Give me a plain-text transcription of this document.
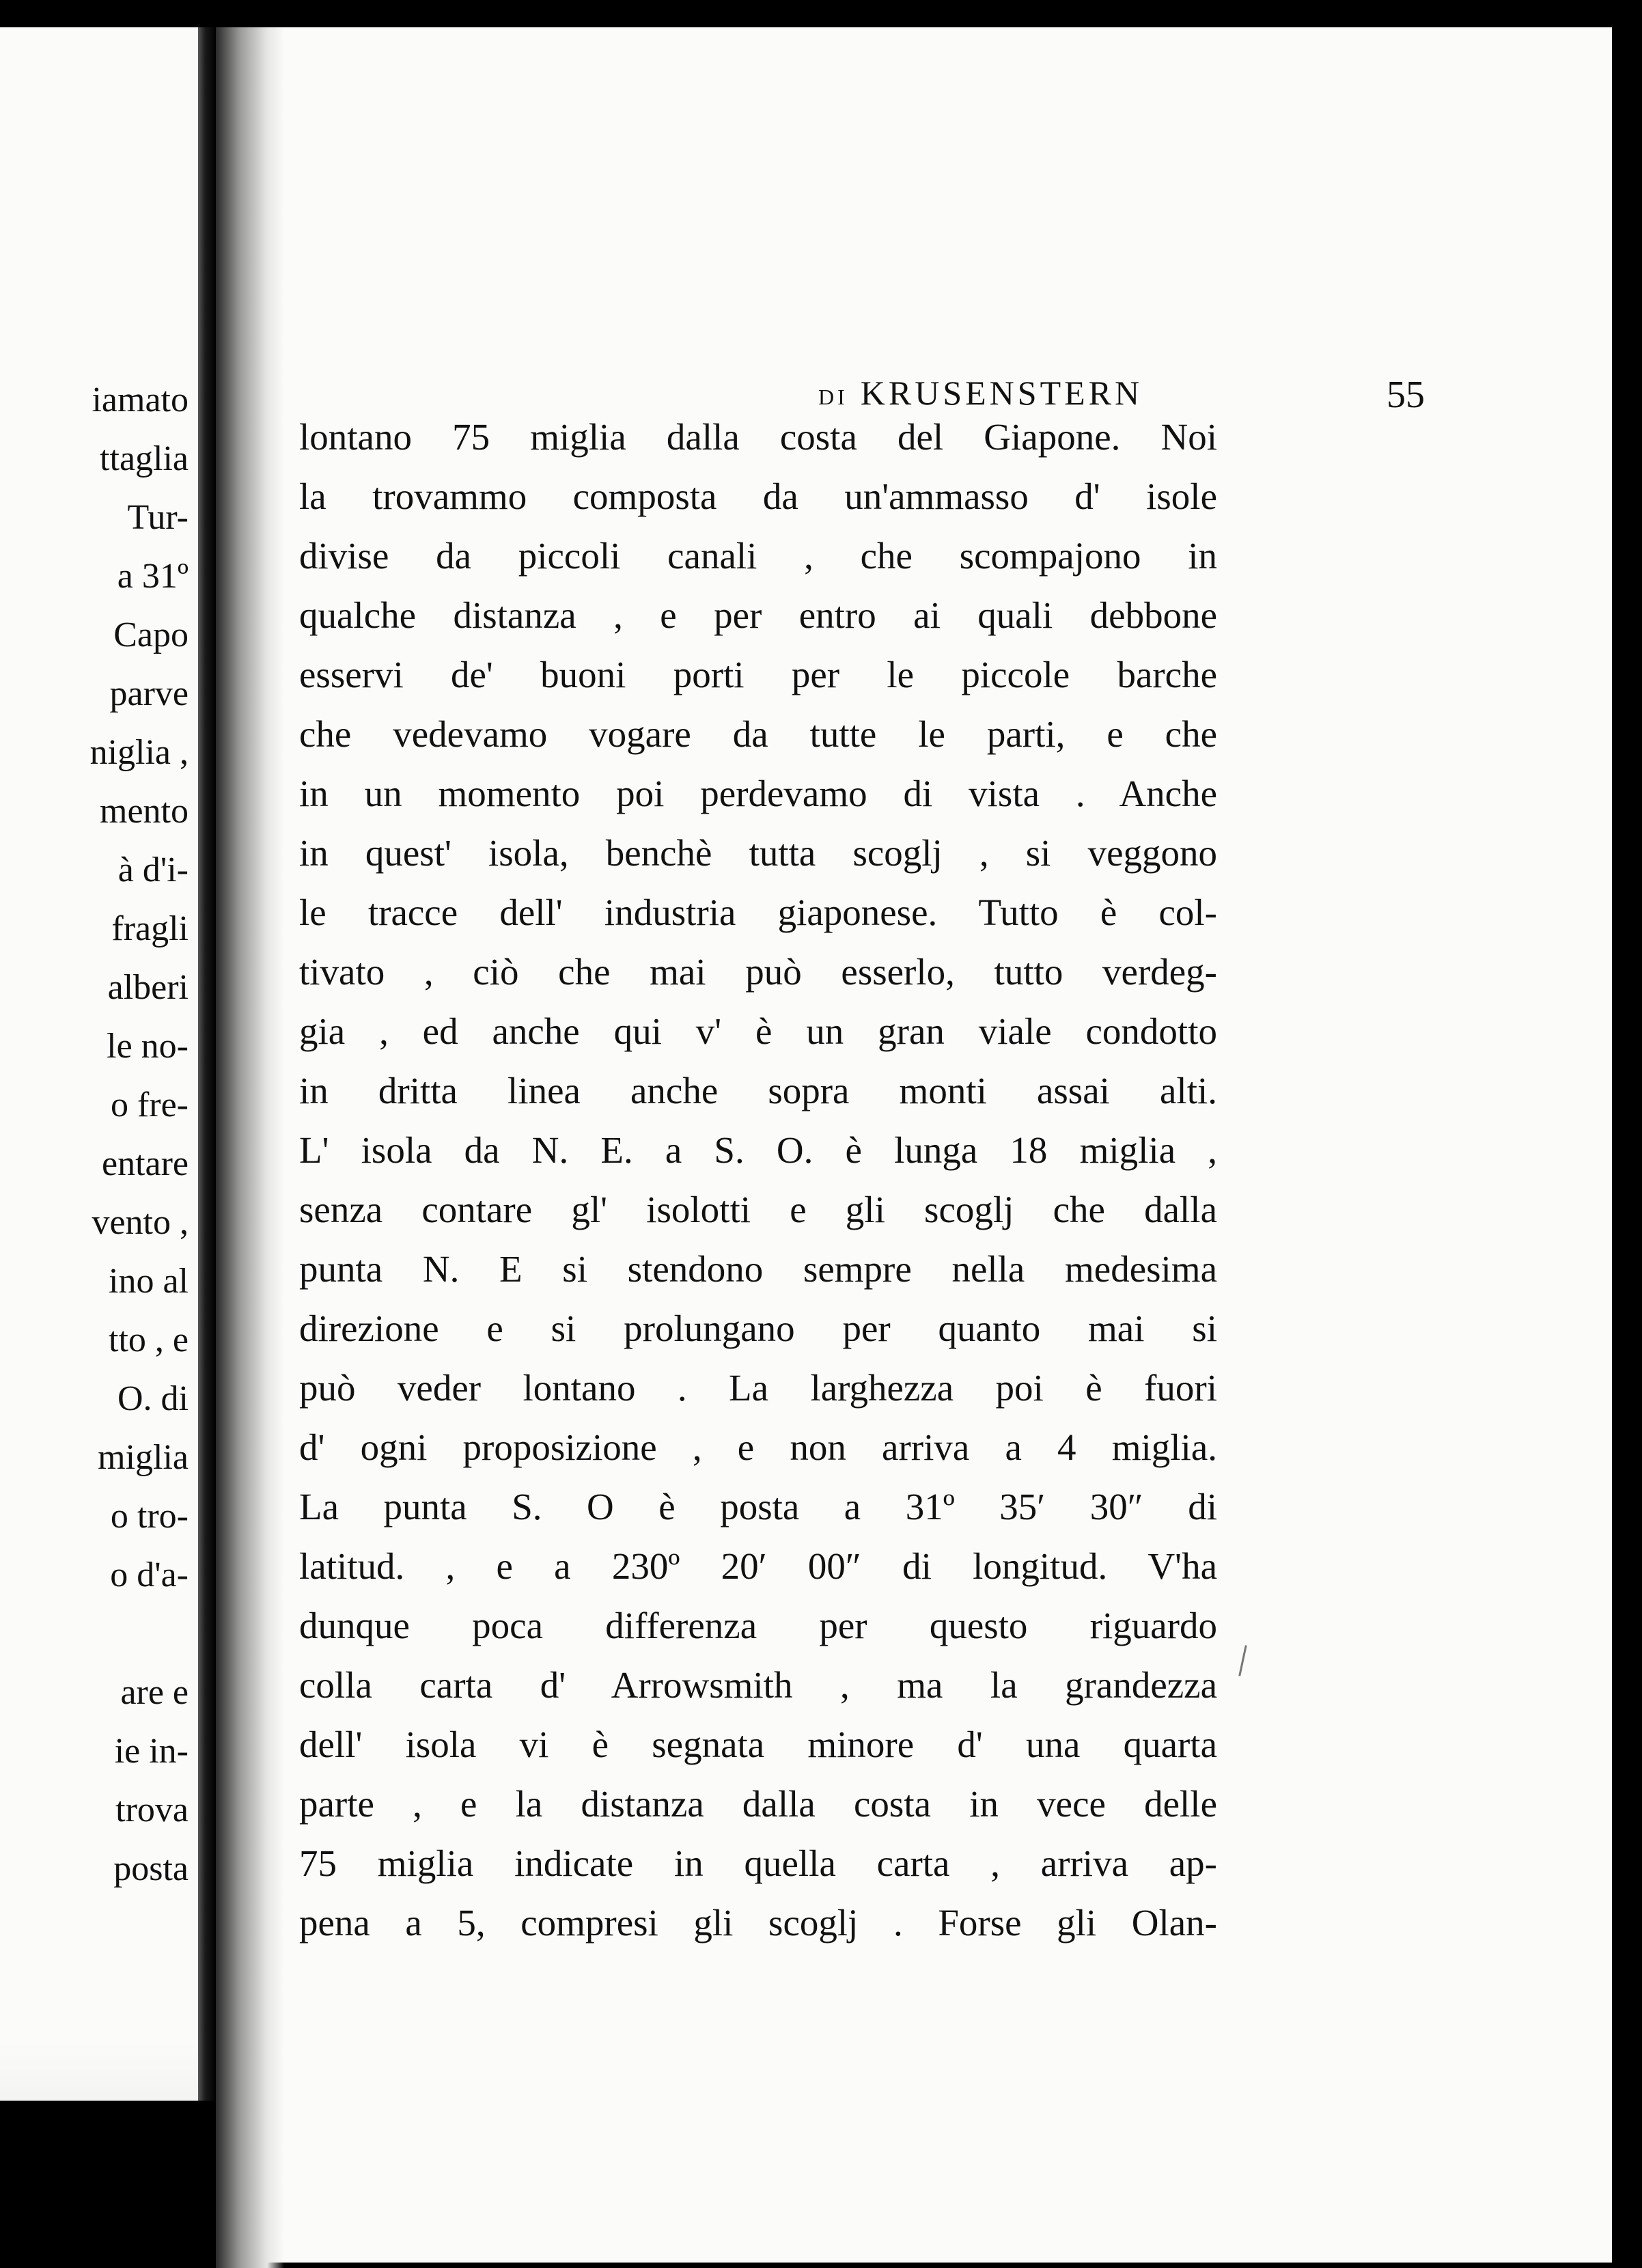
iamato
ttaglia
Tur-
a 31º
Capo
parve
niglia ,
mento
à d'i-
fragli
alberi
le no-
o fre-
entare
vento ,
ino al
tto , e
O. di
miglia
o tro-
o d'a-
are e
ie in-
trova
posta
di KRUSENSTERN	55
lontano 75 miglia dalla costa del Giapone. Noi
la trovammo composta da un'ammasso d' isole
divise da piccoli canali , che scompajono in
qualche distanza , e per entro ai quali debbone
esservi de' buoni porti per le piccole barche
che vedevamo vogare da tutte le parti, e che
in un momento poi perdevamo di vista . Anche
in quest' isola, benchè tutta scoglj , si veggono
le tracce dell' industria giaponese. Tutto è col-
tivato , ciò che mai può esserlo, tutto verdeg-
gia , ed anche qui v' è un gran viale condotto
in dritta linea anche sopra monti assai alti.
L' isola da N. E. a S. O. è lunga 18 miglia ,
senza contare gl' isolotti e gli scoglj che dalla
punta N. E si stendono sempre nella medesima
direzione e si prolungano per quanto mai si
può veder lontano . La larghezza poi è fuori
d' ogni proposizione , e non arriva a 4 miglia.
La punta S. O è posta a 31º 35′ 30″ di
latitud. , e a 230º 20′ 00″ di longitud. V'ha
dunque poca differenza per questo riguardo
colla carta d' Arrowsmith , ma la grandezza
dell' isola vi è segnata minore d' una quarta
parte , e la distanza dalla costa in vece delle
75 miglia indicate in quella carta , arriva ap-
pena a 5, compresi gli scoglj . Forse gli Olan-
